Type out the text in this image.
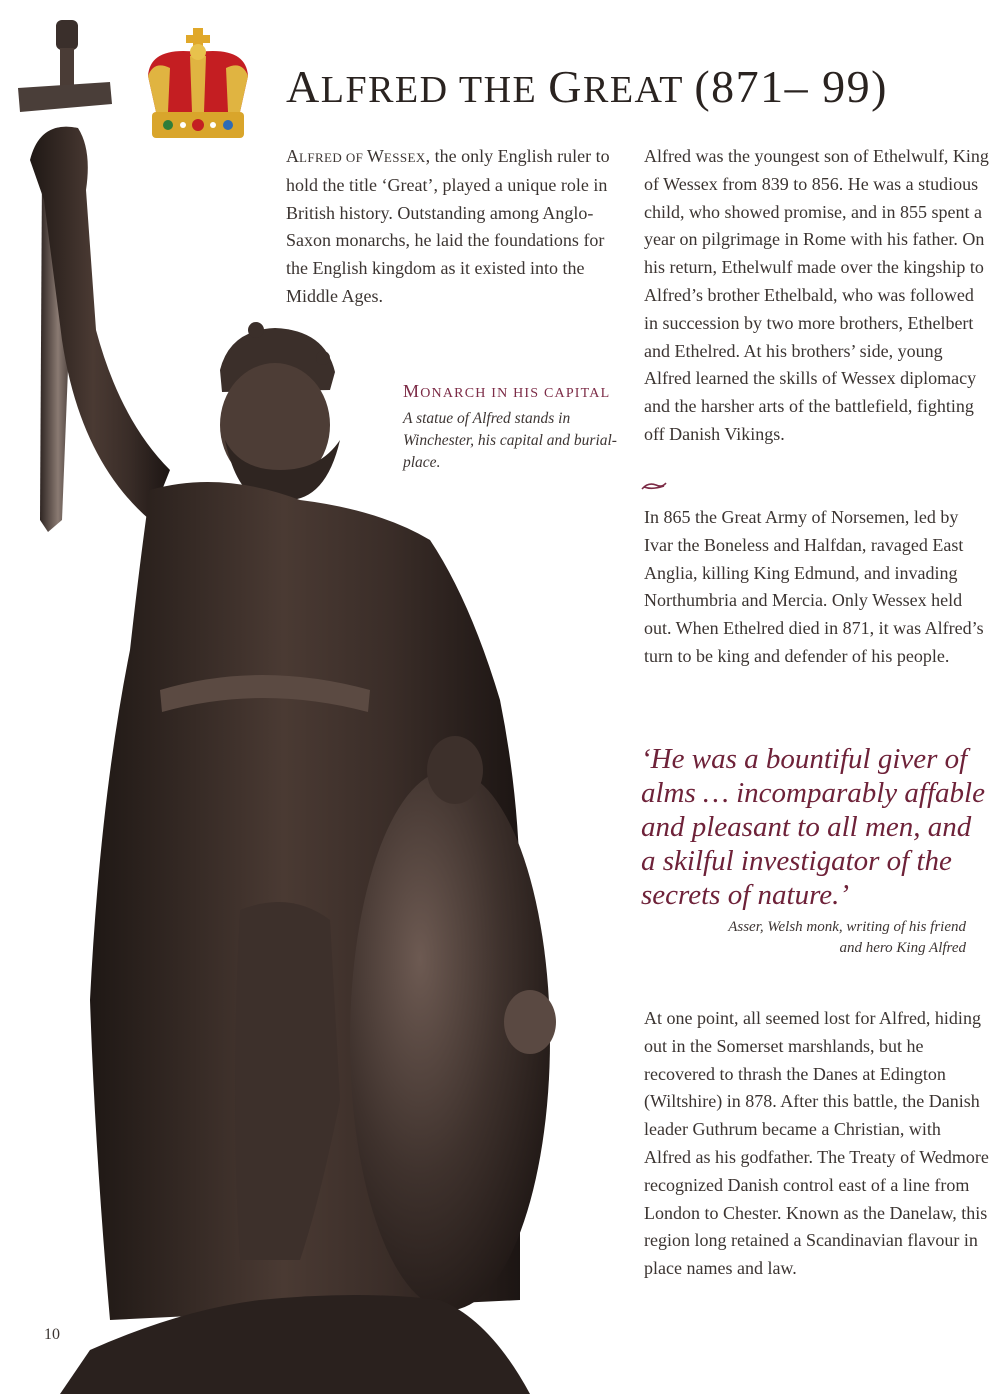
ALFRED THE GREAT (871– 99)

ALFRED OF WESSEX, the only English ruler to hold the title ‘Great’, played a unique role in British history. Outstanding among Anglo-Saxon monarchs, he laid the foundations for the English kingdom as it existed into the Middle Ages.

MONARCH IN HIS CAPITAL

A statue of Alfred stands in Winchester, his capital and burial-place.

Alfred was the youngest son of Ethelwulf, King of Wessex from 839 to 856. He was a studious child, who showed promise, and in 855 spent a year on pilgrimage in Rome with his father. On his return, Ethelwulf made over the kingship to Alfred’s brother Ethelbald, who was followed in succession by two more brothers, Ethelbert and Ethelred. At his brothers’ side, young Alfred learned the skills of Wessex diplomacy and the harsher arts of the battlefield, fighting off Danish Vikings.

In 865 the Great Army of Norsemen, led by Ivar the Boneless and Halfdan, ravaged East Anglia, killing King Edmund, and invading Northumbria and Mercia. Only Wessex held out. When Ethelred died in 871, it was Alfred’s turn to be king and defender of his people.

‘He was a bountiful giver of alms … incomparably affable and pleasant to all men, and a skilful investigator of the secrets of nature.’

Asser, Welsh monk, writing of his friend
and hero King Alfred

At one point, all seemed lost for Alfred, hiding out in the Somerset marshlands, but he recovered to thrash the Danes at Edington (Wiltshire) in 878. After this battle, the Danish leader Guthrum became a Christian, with Alfred as his godfather. The Treaty of Wedmore recognized Danish control east of a line from London to Chester. Known as the Danelaw, this region long retained a Scandinavian flavour in place names and law.

10
